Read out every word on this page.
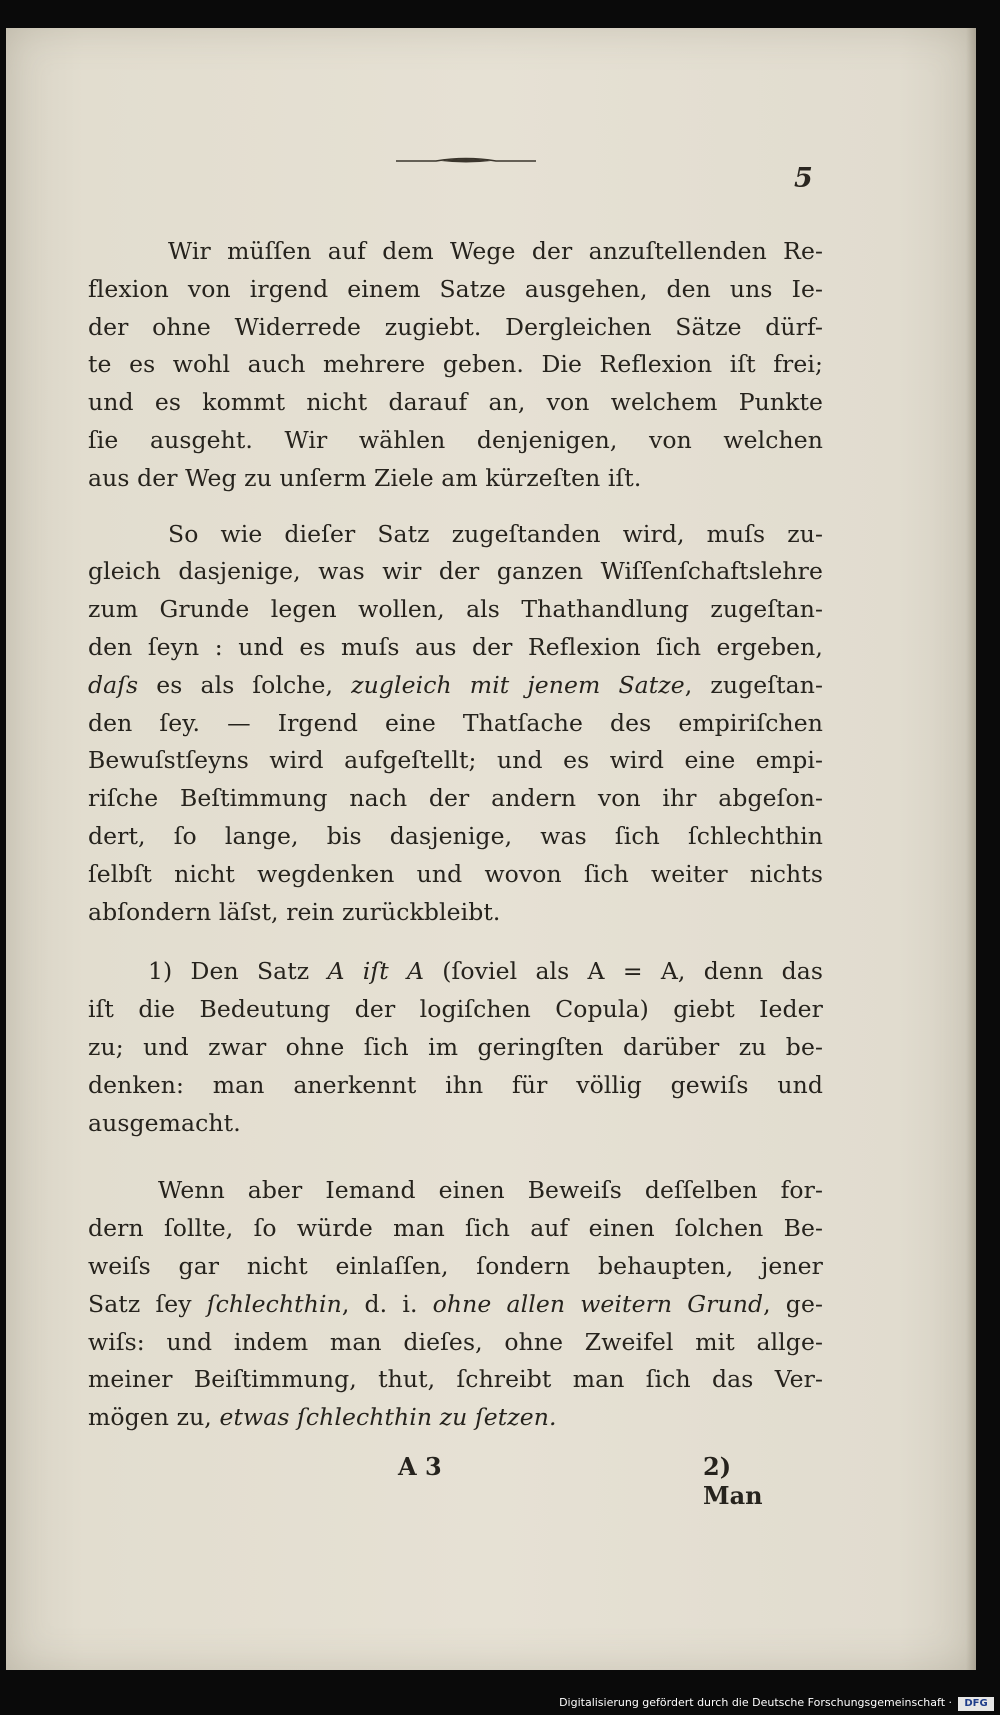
5
Wir müſſen auf dem Wege der anzuſtellenden Re-
flexion von irgend einem Satze ausgehen, den uns Ie-
der ohne Widerrede zugiebt. Dergleichen Sätze dürf-
te es wohl auch mehrere geben. Die Reflexion iſt frei;
und es kommt nicht darauf an, von welchem Punkte
ſie ausgeht. Wir wählen denjenigen, von welchen
aus der Weg zu unſerm Ziele am kürzeſten iſt.
So wie dieſer Satz zugeſtanden wird, muſs zu-
gleich dasjenige, was wir der ganzen Wiſſenſchaftslehre
zum Grunde legen wollen, als Thathandlung zugeſtan-
den ſeyn : und es muſs aus der Reflexion ſich ergeben,
daſs es als ſolche, zugleich mit jenem Satze, zugeſtan-
den ſey. — Irgend eine Thatſache des empiriſchen
Bewuſstſeyns wird aufgeſtellt; und es wird eine empi-
riſche Beſtimmung nach der andern von ihr abgeſon-
dert, ſo lange, bis dasjenige, was ſich ſchlechthin
ſelbſt nicht wegdenken und wovon ſich weiter nichts
abſondern läſst, rein zurückbleibt.
1) Den Satz A iſt A (ſoviel als A = A, denn das
iſt die Bedeutung der logiſchen Copula) giebt Ieder
zu; und zwar ohne ſich im geringſten darüber zu be-
denken: man anerkennt ihn für völlig gewiſs und
ausgemacht.
Wenn aber Iemand einen Beweiſs deſſelben for-
dern ſollte, ſo würde man ſich auf einen ſolchen Be-
weiſs gar nicht einlaſſen, ſondern behaupten, jener
Satz ſey ſchlechthin, d. i. ohne allen weitern Grund, ge-
wiſs: und indem man dieſes, ohne Zweifel mit allge-
meiner Beiſtimmung, thut, ſchreibt man ſich das Ver-
mögen zu, etwas ſchlechthin zu ſetzen.
A 3	2) Man
Digitalisierung gefördert durch die Deutsche Forschungsgemeinschaft ·	DFG
